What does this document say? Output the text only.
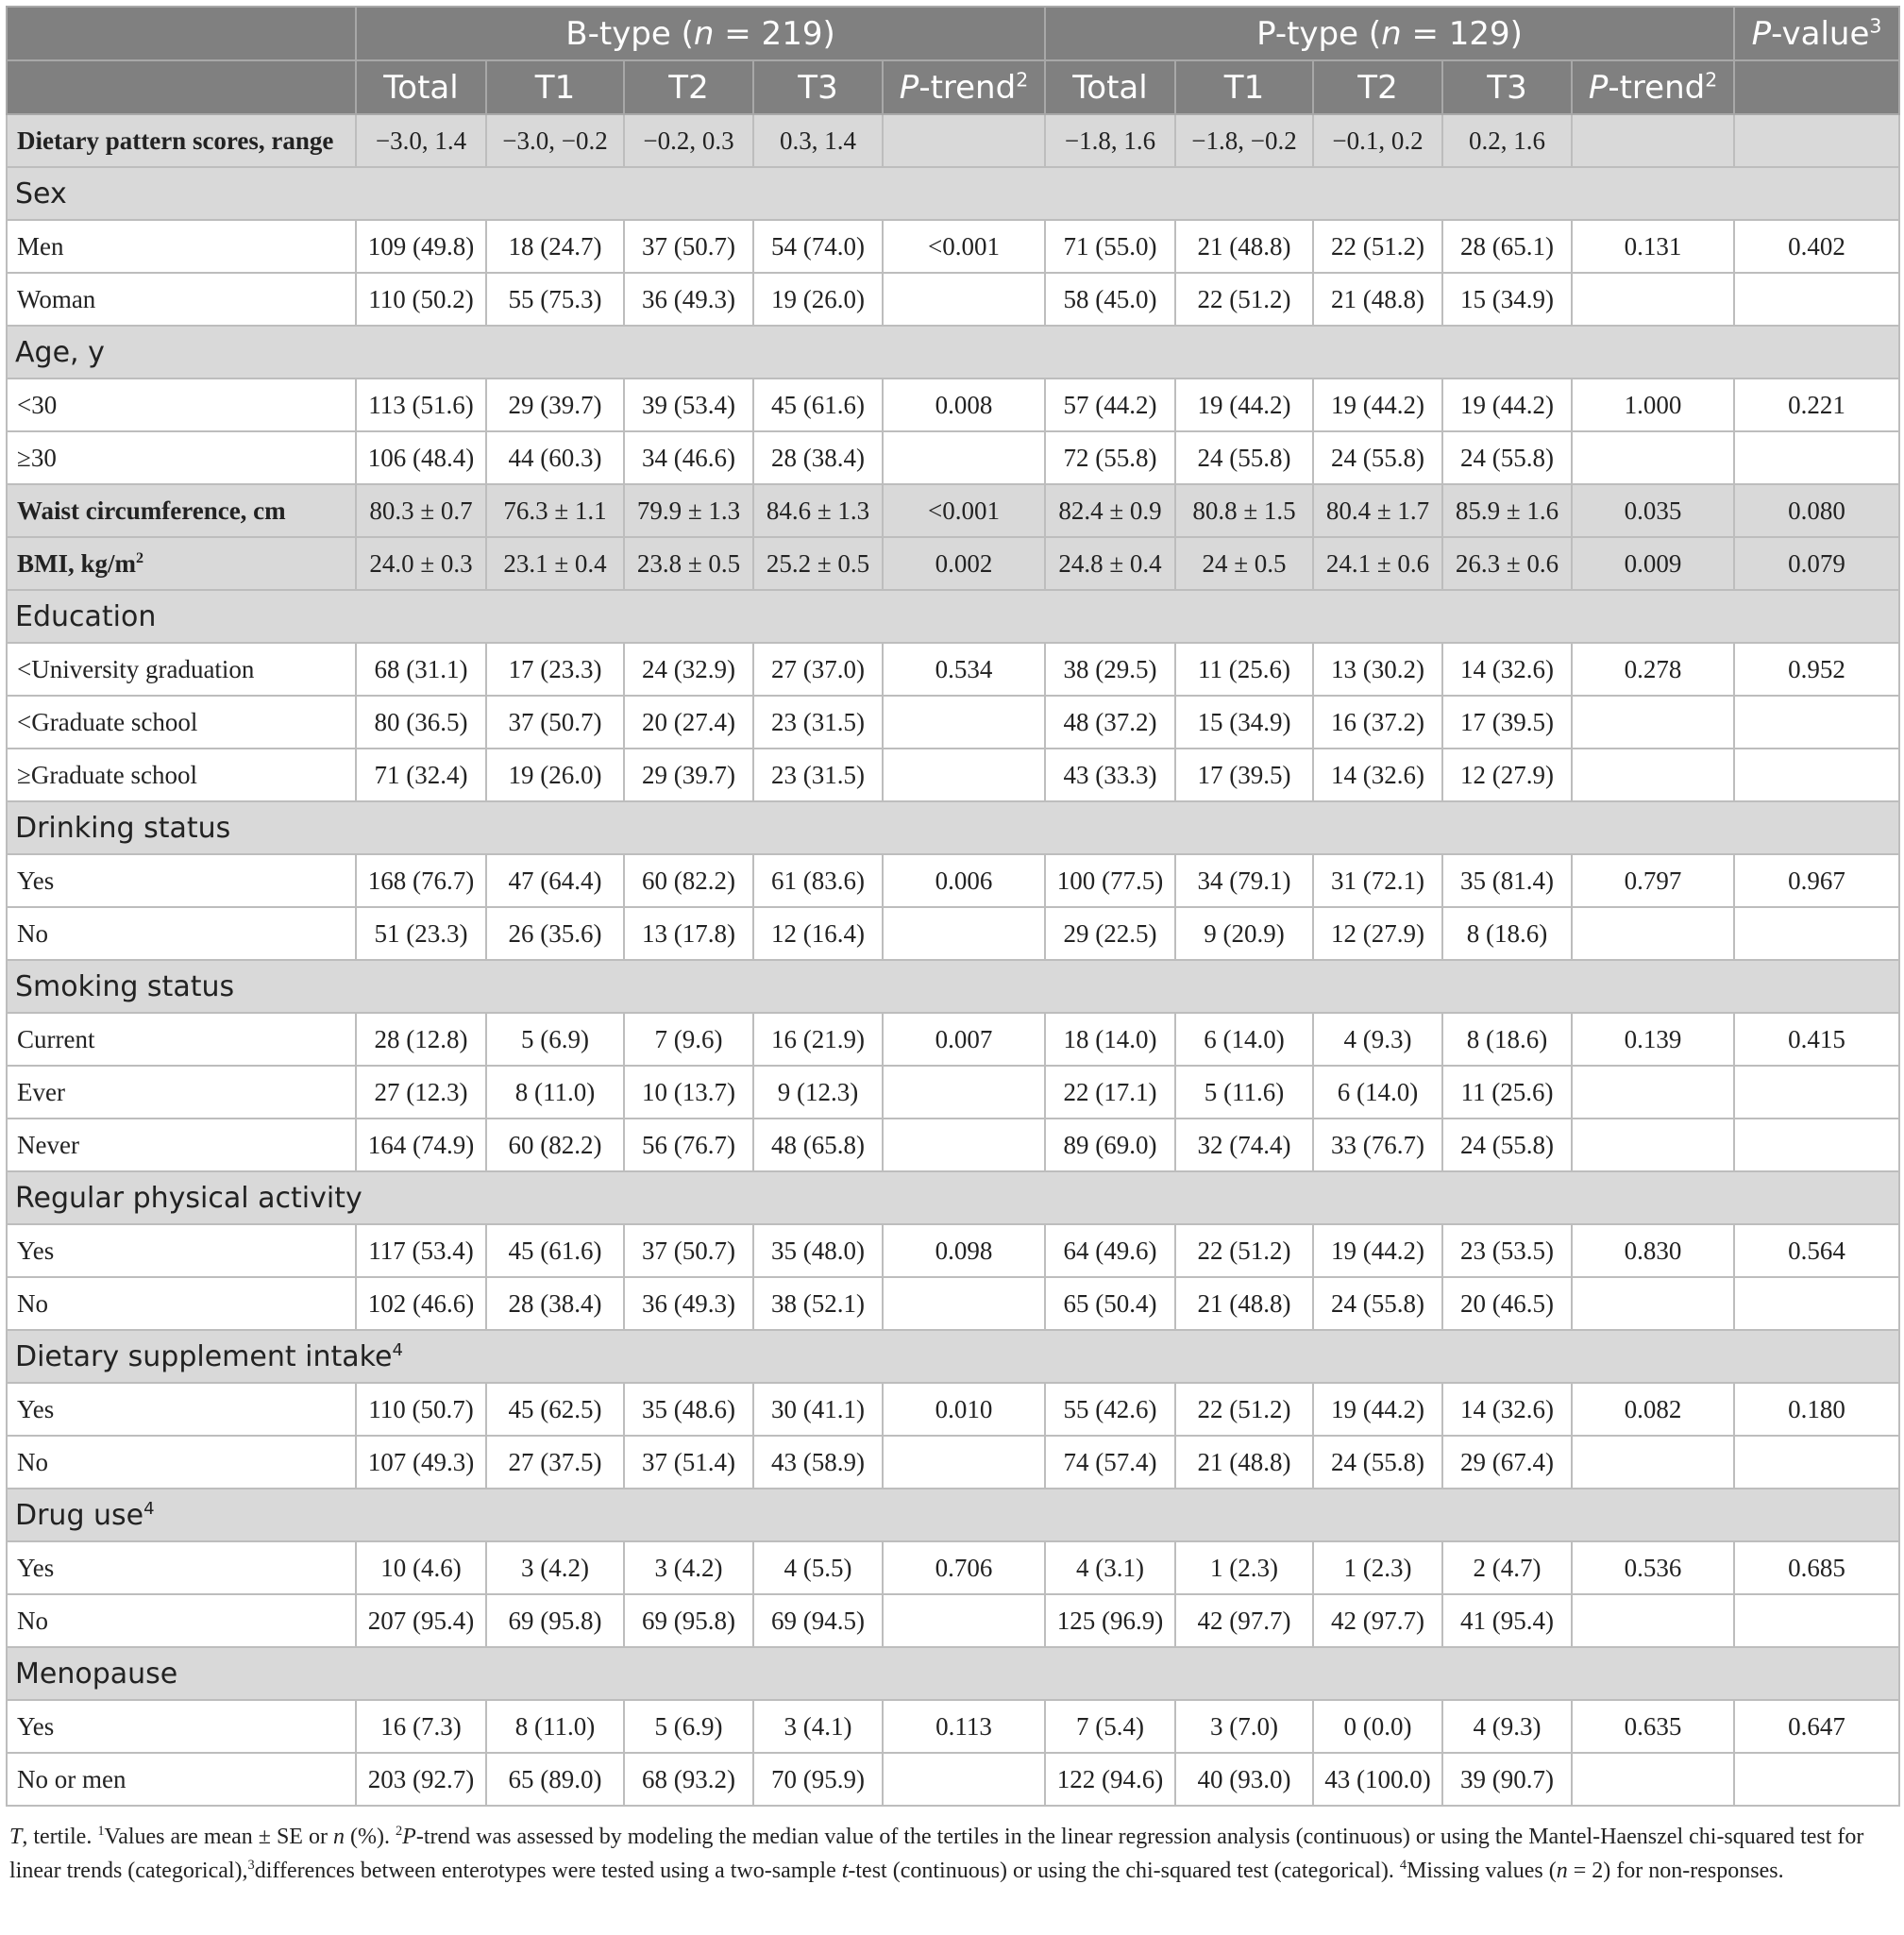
	B-type (n = 219)					P-type (n = 129)					P-value$^3$
	Total	T1	T2	T3	P-trend$^2$	Total	T1	T2	T3	P-trend$^2$	
Dietary pattern scores, range	−3.0, 1.4	−3.0, −0.2	−0.2, 0.3	0.3, 1.4		−1.8, 1.6	−1.8, −0.2	−0.1, 0.2	0.2, 1.6		
Sex											
Men	109 (49.8)	18 (24.7)	37 (50.7)	54 (74.0)	<0.001	71 (55.0)	21 (48.8)	22 (51.2)	28 (65.1)	0.131	0.402
Woman	110 (50.2)	55 (75.3)	36 (49.3)	19 (26.0)		58 (45.0)	22 (51.2)	21 (48.8)	15 (34.9)		
Age, y											
<30	113 (51.6)	29 (39.7)	39 (53.4)	45 (61.6)	0.008	57 (44.2)	19 (44.2)	19 (44.2)	19 (44.2)	1.000	0.221
≥30	106 (48.4)	44 (60.3)	34 (46.6)	28 (38.4)		72 (55.8)	24 (55.8)	24 (55.8)	24 (55.8)		
Waist circumference, cm	80.3 ± 0.7	76.3 ± 1.1	79.9 ± 1.3	84.6 ± 1.3	<0.001	82.4 ± 0.9	80.8 ± 1.5	80.4 ± 1.7	85.9 ± 1.6	0.035	0.080
BMI, $kg/m^2$	24.0 ± 0.3	23.1 ± 0.4	23.8 ± 0.5	25.2 ± 0.5	0.002	24.8 ± 0.4	24 ± 0.5	24.1 ± 0.6	26.3 ± 0.6	0.009	0.079
Education											
<University graduation	68 (31.1)	17 (23.3)	24 (32.9)	27 (37.0)	0.534	38 (29.5)	11 (25.6)	13 (30.2)	14 (32.6)	0.278	0.952
<Graduate school	80 (36.5)	37 (50.7)	20 (27.4)	23 (31.5)		48 (37.2)	15 (34.9)	16 (37.2)	17 (39.5)		
≥Graduate school	71 (32.4)	19 (26.0)	29 (39.7)	23 (31.5)		43 (33.3)	17 (39.5)	14 (32.6)	12 (27.9)		
Drinking status											
Yes	168 (76.7)	47 (64.4)	60 (82.2)	61 (83.6)	0.006	100 (77.5)	34 (79.1)	31 (72.1)	35 (81.4)	0.797	0.967
No	51 (23.3)	26 (35.6)	13 (17.8)	12 (16.4)		29 (22.5)	9 (20.9)	12 (27.9)	8 (18.6)		
Smoking status											
Current	28 (12.8)	5 (6.9)	7 (9.6)	16 (21.9)	0.007	18 (14.0)	6 (14.0)	4 (9.3)	8 (18.6)	0.139	0.415
Ever	27 (12.3)	8 (11.0)	10 (13.7)	9 (12.3)		22 (17.1)	5 (11.6)	6 (14.0)	11 (25.6)		
Never	164 (74.9)	60 (82.2)	56 (76.7)	48 (65.8)		89 (69.0)	32 (74.4)	33 (76.7)	24 (55.8)		
Regular physical activity											
Yes	117 (53.4)	45 (61.6)	37 (50.7)	35 (48.0)	0.098	64 (49.6)	22 (51.2)	19 (44.2)	23 (53.5)	0.830	0.564
No	102 (46.6)	28 (38.4)	36 (49.3)	38 (52.1)		65 (50.4)	21 (48.8)	24 (55.8)	20 (46.5)		
Dietary supplement intake$^4$
Yes	110 (50.7)	45 (62.5)	35 (48.6)	30 (41.1)	0.010	55 (42.6)	22 (51.2)	19 (44.2)	14 (32.6)	0.082	0.180
No	107 (49.3)	27 (37.5)	37 (51.4)	43 (58.9)		74 (57.4)	21 (48.8)	24 (55.8)	29 (67.4)		
Drug use$^4$
Yes	10 (4.6)	3 (4.2)	3 (4.2)	4 (5.5)	0.706	4 (3.1)	1 (2.3)	1 (2.3)	2 (4.7)	0.536	0.685
No	207 (95.4)	69 (95.8)	69 (95.8)	69 (94.5)		125 (96.9)	42 (97.7)	42 (97.7)	41 (95.4)		
Menopause											
Yes	16 (7.3)	8 (11.0)	5 (6.9)	3 (4.1)	0.113	7 (5.4)	3 (7.0)	0 (0.0)	4 (9.3)	0.635	0.647
No or men	203 (92.7)	65 (89.0)	68 (93.2)	70 (95.9)		122 (94.6)	40 (93.0)	43 (100.0)	39 (90.7)		
T, tertile. $^1$Values are mean ± SE or n (%). $^2$P-trend was assessed by modeling the median value of the tertiles in the linear regression analysis (continuous) or using the Mantel-Haenszel chi-squared test for linear trends (categorical),$^3$differences between enterotypes were tested using a two-sample t-test (continuous) or using the chi-squared test (categorical). $^4$Missing values (n = 2) for non-responses.
